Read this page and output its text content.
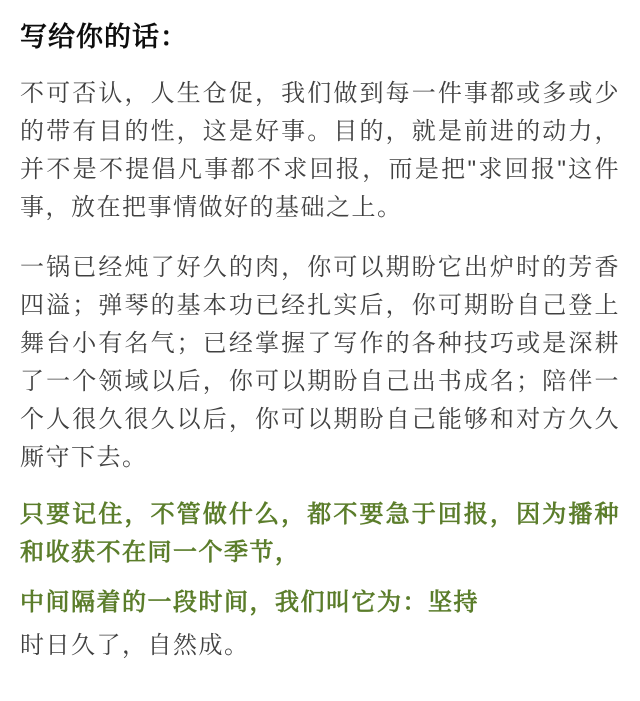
写给你的话：

不可否认，人生仓促，我们做到每一件事都或多或少的带有目的性，这是好事。目的，就是前进的动力，并不是不提倡凡事都不求回报，而是把"求回报"这件事，放在把事情做好的基础之上。

一锅已经炖了好久的肉，你可以期盼它出炉时的芳香四溢；弹琴的基本功已经扎实后，你可期盼自己登上舞台小有名气；已经掌握了写作的各种技巧或是深耕了一个领域以后，你可以期盼自己出书成名；陪伴一个人很久很久以后，你可以期盼自己能够和对方久久厮守下去。

只要记住，不管做什么，都不要急于回报，因为播种和收获不在同一个季节，

中间隔着的一段时间，我们叫它为：坚持

时日久了，自然成。
